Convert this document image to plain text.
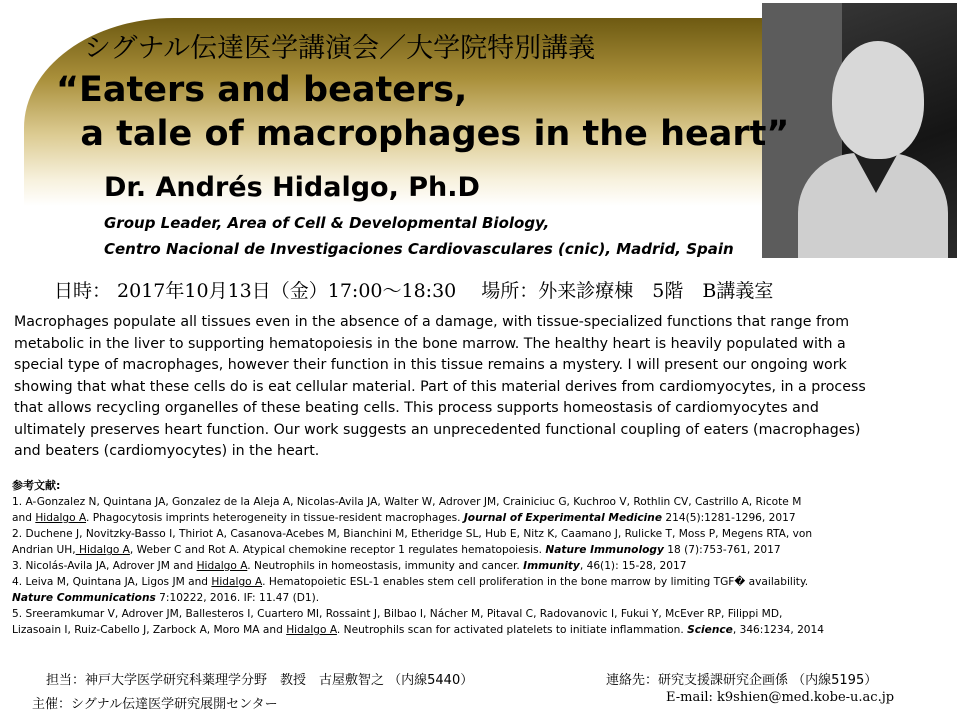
シグナル伝達医学講演会／大学院特別講義
“Eaters and beaters,
a tale of macrophages in the heart”
Dr. Andrés Hidalgo, Ph.D
Group Leader, Area of Cell & Developmental Biology,
Centro Nacional de Investigaciones Cardiovasculares (cnic), Madrid, Spain
日時： 2017年10月13日（金）17:00〜18:30　 場所：外来診療棟　5階　B講義室
Macrophages populate all tissues even in the absence of a damage, with tissue-specialized functions that range from
metabolic in the liver to supporting hematopoiesis in the bone marrow. The healthy heart is heavily populated with a
special type of macrophages, however their function in this tissue remains a mystery. I will present our ongoing work
showing that what these cells do is eat cellular material. Part of this material derives from cardiomyocytes, in a process
that allows recycling organelles of these beating cells. This process supports homeostasis of cardiomyocytes and
ultimately preserves heart function. Our work suggests an unprecedented functional coupling of eaters (macrophages)
and beaters (cardiomyocytes) in the heart.
参考文献:
1. A-Gonzalez N, Quintana JA, Gonzalez de la Aleja A, Nicolas-Avila JA, Walter W, Adrover JM, Crainiciuc G, Kuchroo V, Rothlin CV, Castrillo A, Ricote M
and Hidalgo A. Phagocytosis imprints heterogeneity in tissue-resident macrophages. Journal of Experimental Medicine 214(5):1281-1296, 2017
2. Duchene J, Novitzky-Basso I, Thiriot A, Casanova-Acebes M, Bianchini M, Etheridge SL, Hub E, Nitz K, Caamano J, Rulicke T, Moss P, Megens RTA, von
Andrian UH, Hidalgo A, Weber C and Rot A. Atypical chemokine receptor 1 regulates hematopoiesis. Nature Immunology 18 (7):753-761, 2017
3. Nicolás-Avila JA, Adrover JM and Hidalgo A. Neutrophils in homeostasis, immunity and cancer. Immunity, 46(1): 15-28, 2017
4. Leiva M, Quintana JA, Ligos JM and Hidalgo A. Hematopoietic ESL-1 enables stem cell proliferation in the bone marrow by limiting TGF� availability.
Nature Communications 7:10222, 2016. IF: 11.47 (D1).
5. Sreeramkumar V, Adrover JM, Ballesteros I, Cuartero MI, Rossaint J, Bilbao I, Nácher M, Pitaval C, Radovanovic I, Fukui Y, McEver RP, Filippi MD,
Lizasoain I, Ruiz-Cabello J, Zarbock A, Moro MA and Hidalgo A. Neutrophils scan for activated platelets to initiate inflammation. Science, 346:1234, 2014
担当：神戸大学医学研究科薬理学分野　教授　古屋敷智之 （内線5440）
主催：シグナル伝達医学研究展開センター
連絡先：研究支援課研究企画係 （内線5195）
E-mail: k9shien@med.kobe-u.ac.jp
